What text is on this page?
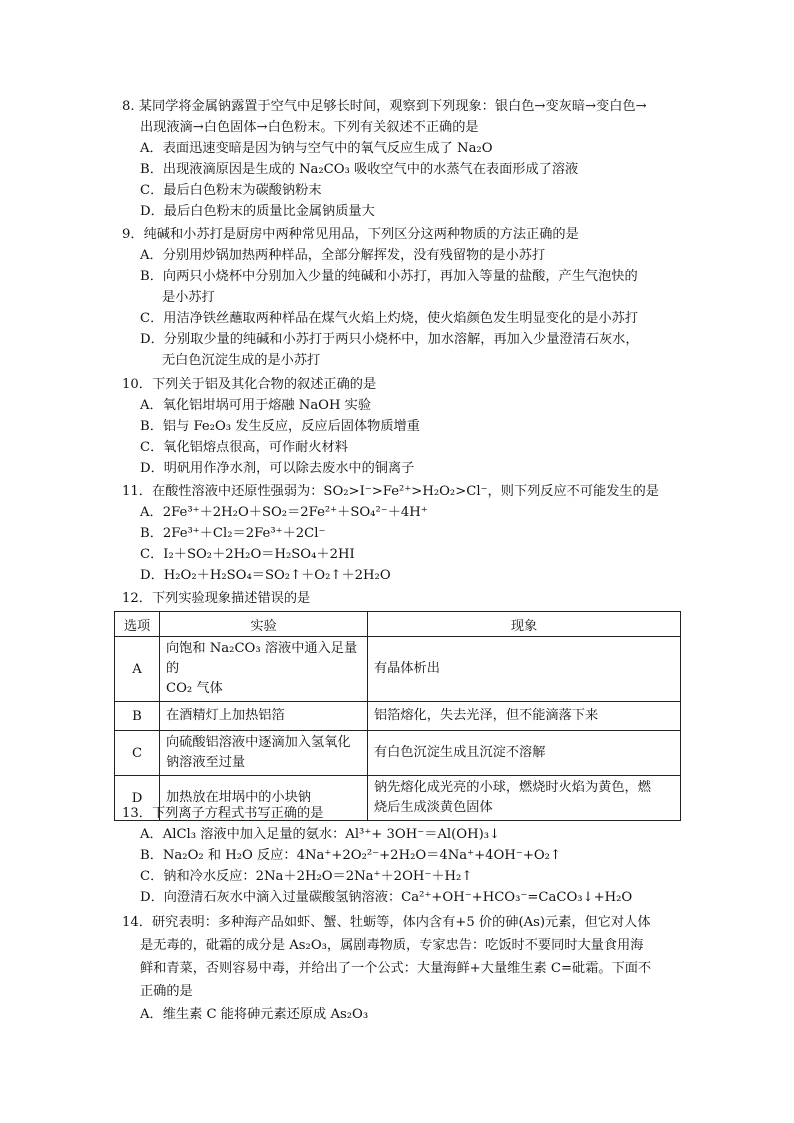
8. 某同学将金属钠露置于空气中足够长时间，观察到下列现象：银白色→变灰暗→变白色→
出现液滴→白色固体→白色粉末。下列有关叙述不正确的是
A．表面迅速变暗是因为钠与空气中的氧气反应生成了 Na₂O
B．出现液滴原因是生成的 Na₂CO₃ 吸收空气中的水蒸气在表面形成了溶液
C．最后白色粉末为碳酸钠粉末
D．最后白色粉末的质量比金属钠质量大
9．纯碱和小苏打是厨房中两种常见用品，下列区分这两种物质的方法正确的是
A．分别用炒锅加热两种样品，全部分解挥发，没有残留物的是小苏打
B．向两只小烧杯中分别加入少量的纯碱和小苏打，再加入等量的盐酸，产生气泡快的
是小苏打
C．用洁净铁丝蘸取两种样品在煤气火焰上灼烧，使火焰颜色发生明显变化的是小苏打
D．分别取少量的纯碱和小苏打于两只小烧杯中，加水溶解，再加入少量澄清石灰水，
无白色沉淀生成的是小苏打
10．下列关于铝及其化合物的叙述正确的是
A．氧化铝坩埚可用于熔融 NaOH 实验
B．铝与 Fe₂O₃ 发生反应，反应后固体物质增重
C．氧化铝熔点很高，可作耐火材料
D．明矾用作净水剂，可以除去废水中的铜离子
11．在酸性溶液中还原性强弱为：SO₂>I⁻>Fe²⁺>H₂O₂>Cl⁻，则下列反应不可能发生的是
A．2Fe³⁺＋2H₂O＋SO₂＝2Fe²⁺＋SO₄²⁻＋4H⁺
B．2Fe³⁺＋Cl₂＝2Fe³⁺＋2Cl⁻
C．I₂＋SO₂＋2H₂O＝H₂SO₄＋2HI
D．H₂O₂＋H₂SO₄＝SO₂↑＋O₂↑＋2H₂O
12．下列实验现象描述错误的是
选项	实验	现象
A	向饱和 Na₂CO₃ 溶液中通入足量的
CO₂ 气体	有晶体析出

B	在酒精灯上加热铝箔	铝箔熔化，失去光泽，但不能滴落下来

C	向硫酸铝溶液中逐滴加入氢氧化
钠溶液至过量	有白色沉淀生成且沉淀不溶解

D	加热放在坩埚中的小块钠	钠先熔化成光亮的小球，燃烧时火焰为黄色，燃
烧后生成淡黄色固体
13．下列离子方程式书写正确的是
A．AlCl₃ 溶液中加入足量的氨水：Al³⁺+ 3OH⁻＝Al(OH)₃↓
B．Na₂O₂ 和 H₂O 反应：4Na⁺+2O₂²⁻+2H₂O＝4Na⁺+4OH⁻+O₂↑
C．钠和冷水反应：2Na＋2H₂O＝2Na⁺＋2OH⁻＋H₂↑
D．向澄清石灰水中滴入过量碳酸氢钠溶液：Ca²⁺+OH⁻+HCO₃⁻=CaCO₃↓+H₂O
14．研究表明：多种海产品如虾、蟹、牡蛎等，体内含有+5 价的砷(As)元素，但它对人体
是无毒的，砒霜的成分是 As₂O₃，属剧毒物质，专家忠告：吃饭时不要同时大量食用海
鲜和青菜，否则容易中毒，并给出了一个公式：大量海鲜+大量维生素 C=砒霜。下面不
正确的是
A．维生素 C 能将砷元素还原成 As₂O₃
